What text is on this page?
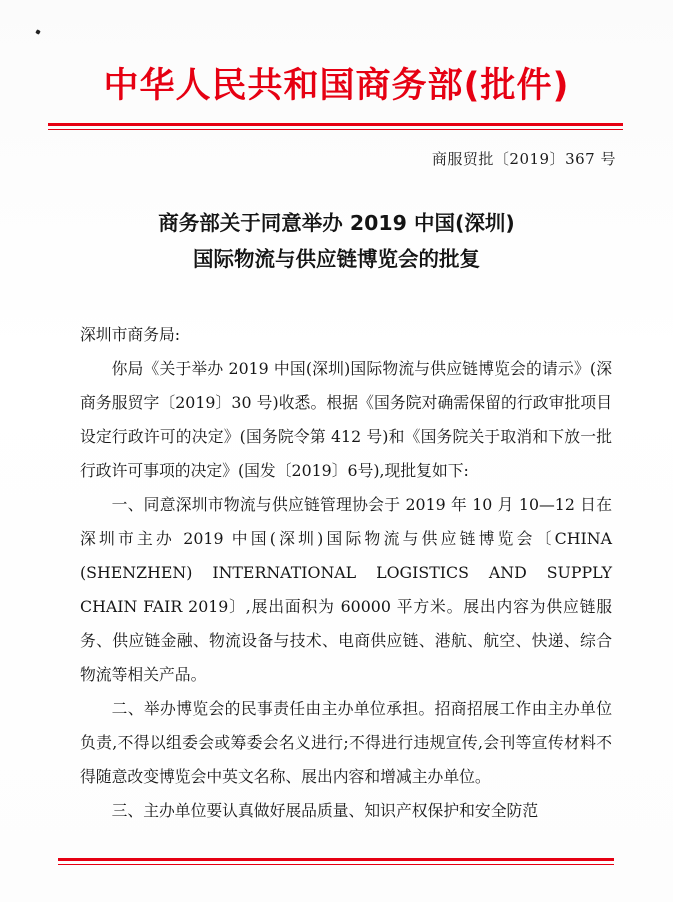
中华人民共和国商务部(批件)
商服贸批〔2019〕367 号
商务部关于同意举办 2019 中国(深圳)
国际物流与供应链博览会的批复

深圳市商务局:

你局《关于举办 2019 中国(深圳)国际物流与供应链博览会的请示》(深商务服贸字〔2019〕30 号)收悉。根据《国务院对确需保留的行政审批项目设定行政许可的决定》(国务院令第 412 号)和《国务院关于取消和下放一批行政许可事项的决定》(国发〔2019〕6号),现批复如下:

一、同意深圳市物流与供应链管理协会于 2019 年 10 月 10—12 日在深圳市主办 2019 中国(深圳)国际物流与供应链博览会〔CHINA (SHENZHEN) INTERNATIONAL LOGISTICS AND SUPPLY CHAIN FAIR 2019〕,展出面积为 60000 平方米。展出内容为供应链服务、供应链金融、物流设备与技术、电商供应链、港航、航空、快递、综合物流等相关产品。

二、举办博览会的民事责任由主办单位承担。招商招展工作由主办单位负责,不得以组委会或筹委会名义进行;不得进行违规宣传,会刊等宣传材料不得随意改变博览会中英文名称、展出内容和增减主办单位。

三、主办单位要认真做好展品质量、知识产权保护和安全防范
